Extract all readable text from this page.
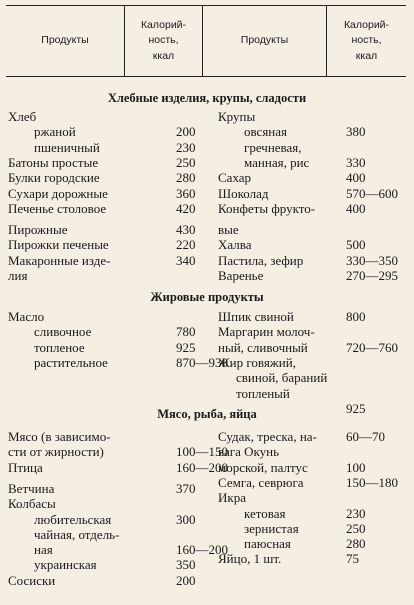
Продукты
Калорий-
ность,
ккал
Продукты
Калорий-
ность,
ккал
Хлебные изделия, крупы, сладости
Жировые продукты
Мясо, рыба, яйца
Хлеб
ржаной	200
пшеничный	230
Батоны простые	250
Булки городские	280
Сухари дорожные	360
Печенье столовое	420
Пирожные	430
Пирожки печеные	220
Макаронные изде-	340
лия
Крупы
овсяная	380
гречневая,
манная, рис	330
Сахар	400
Шоколад	570—600
Конфеты фрукто- 400
вые
Халва	500
Пастила, зефир	330—350
Варенье	270—295
Масло
сливочное	780
топленое	925
растительное	870—930
Шпик свиной	800
Маргарин молоч-
ный, сливочный	720—760
Жир говяжий,
свиной, бараний
топленый
925
Мясо (в зависимо-
сти от жирности)	100—150
Птица	160—200
Ветчина	370
Колбасы
любительская	300
чайная, отдель-
ная	160—200
украинская	350
Сосиски	200
Судак, треска, на- 60—70
вага Окунь
морской, палтус	100
Семга, севрюга	150—180
Икра
кетовая	230
зернистая	250
паюсная	280
Яйцо, 1 шт.	75
